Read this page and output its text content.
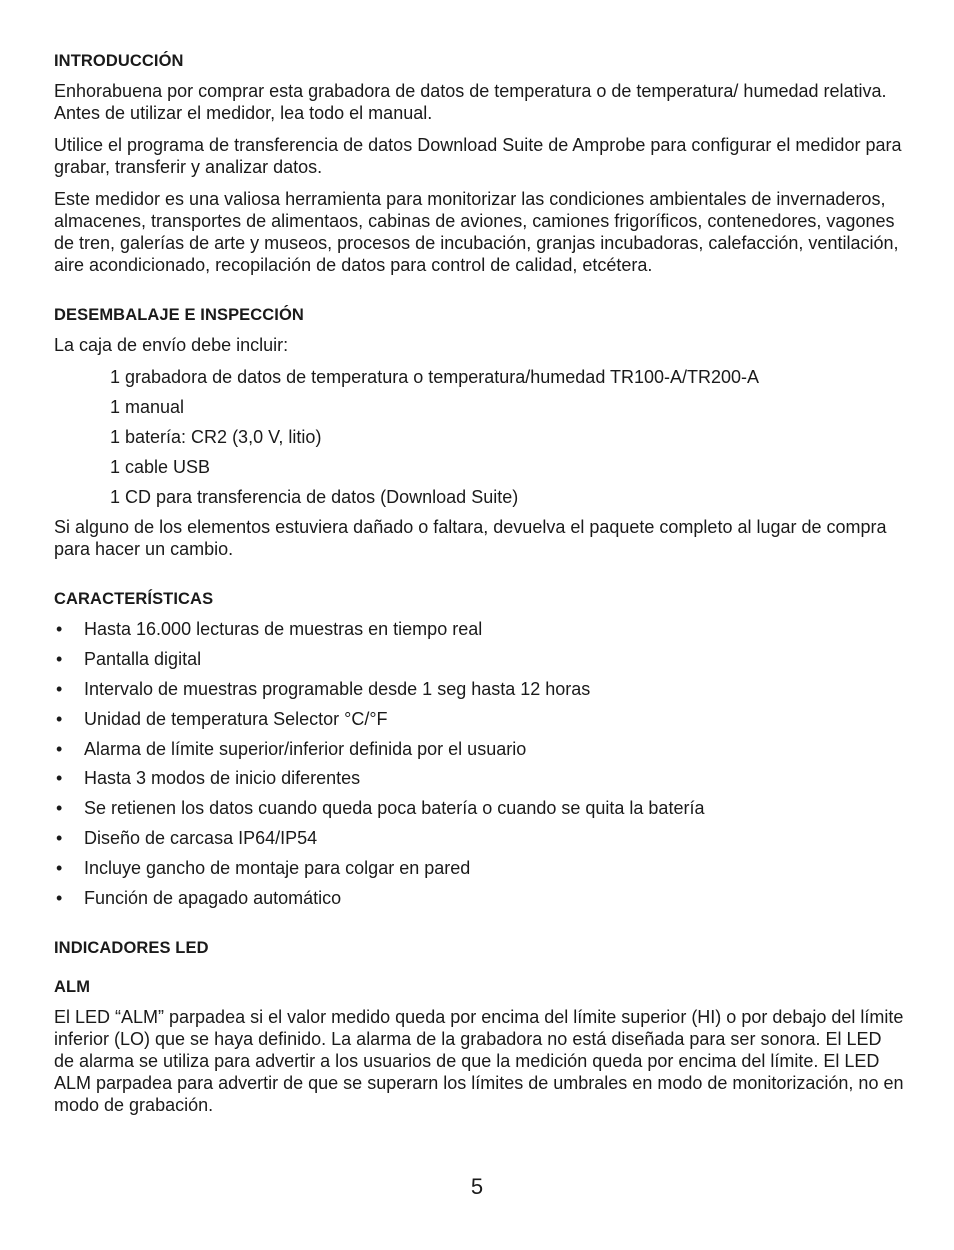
INTRODUCCIÓN

Enhorabuena por comprar esta grabadora de datos de temperatura o de temperatura/ humedad relativa. Antes de utilizar el medidor, lea todo el manual.

Utilice el programa de transferencia de datos Download Suite de Amprobe para configurar el medidor para grabar, transferir y analizar datos.

Este medidor es una valiosa herramienta para monitorizar las condiciones ambientales de invernaderos, almacenes, transportes de alimentaos, cabinas de aviones, camiones frigoríficos, contenedores, vagones de tren, galerías de arte y museos, procesos de incubación, granjas incubadoras, calefacción, ventilación, aire acondicionado, recopilación de datos para control de calidad, etcétera.

DESEMBALAJE E INSPECCIÓN

La caja de envío debe incluir:

1 grabadora de datos de temperatura o temperatura/humedad TR100-A/TR200-A
1 manual
1 batería: CR2 (3,0 V, litio)
1 cable USB
1 CD para transferencia de datos (Download Suite)

Si alguno de los elementos estuviera dañado o faltara, devuelva el paquete completo al lugar de compra para hacer un cambio.

CARACTERÍSTICAS

•	Hasta 16.000 lecturas de muestras en tiempo real
•	Pantalla digital
•	Intervalo de muestras programable desde 1 seg hasta 12 horas
•	Unidad de temperatura Selector °C/°F
•	Alarma de límite superior/inferior definida por el usuario
•	Hasta 3 modos de inicio diferentes
•	Se retienen los datos cuando queda poca batería o cuando se quita la batería
•	Diseño de carcasa IP64/IP54
•	Incluye gancho de montaje para colgar en pared
•	Función de apagado automático

INDICADORES LED

ALM

El LED “ALM” parpadea si el valor medido queda por encima del límite superior (HI) o por debajo del límite inferior (LO) que se haya definido. La alarma de la grabadora no está diseñada para ser sonora. El LED de alarma se utiliza para advertir a los usuarios de que la medición queda por encima del límite. El LED ALM parpadea para advertir de que se superarn los límites de umbrales en modo de monitorización, no en modo de grabación.

5
